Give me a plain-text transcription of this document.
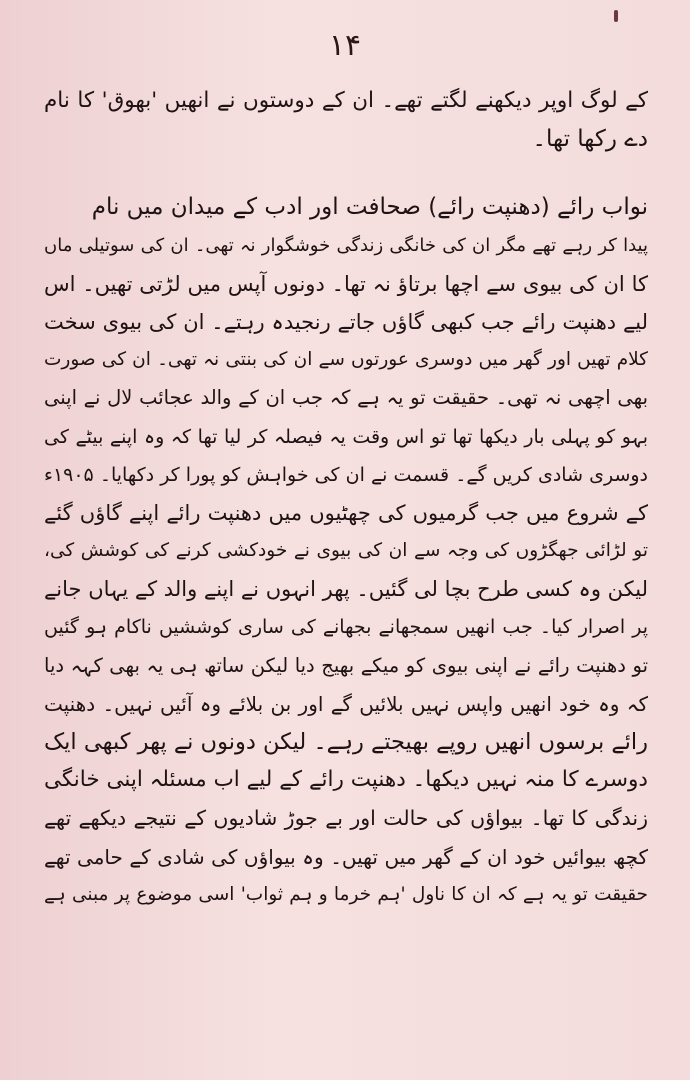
۱۴
کے لوگ اوپر دیکھنے لگتے تھے۔ ان کے دوستوں نے انھیں 'بھوق' کا نام
دے رکھا تھا۔
نواب رائے (دھنپت رائے) صحافت اور ادب کے میدان میں نام
پیدا کر رہے تھے مگر ان کی خانگی زندگی خوشگوار نہ تھی۔ ان کی سوتیلی ماں
کا ان کی بیوی سے اچھا برتاؤ نہ تھا۔ دونوں آپس میں لڑتی تھیں۔ اس
لیے دھنپت رائے جب کبھی گاؤں جاتے رنجیدہ رہتے۔ ان کی بیوی سخت
کلام تھیں اور گھر میں دوسری عورتوں سے ان کی بنتی نہ تھی۔ ان کی صورت
بھی اچھی نہ تھی۔ حقیقت تو یہ ہے کہ جب ان کے والد عجائب لال نے اپنی
بہو کو پہلی بار دیکھا تھا تو اس وقت یہ فیصلہ کر لیا تھا کہ وہ اپنے بیٹے کی
دوسری شادی کریں گے۔ قسمت نے ان کی خواہش کو پورا کر دکھایا۔ ۱۹۰۵ء
کے شروع میں جب گرمیوں کی چھٹیوں میں دھنپت رائے اپنے گاؤں گئے
تو لڑائی جھگڑوں کی وجہ سے ان کی بیوی نے خودکشی کرنے کی کوشش کی،
لیکن وہ کسی طرح بچا لی گئیں۔ پھر انہوں نے اپنے والد کے یہاں جانے
پر اصرار کیا۔ جب انھیں سمجھانے بجھانے کی ساری کوششیں ناکام ہو گئیں
تو دھنپت رائے نے اپنی بیوی کو میکے بھیج دیا لیکن ساتھ ہی یہ بھی کہہ دیا
کہ وہ خود انھیں واپس نہیں بلائیں گے اور بن بلائے وہ آئیں نہیں۔ دھنپت
رائے برسوں انھیں روپے بھیجتے رہے۔ لیکن دونوں نے پھر کبھی ایک
دوسرے کا منہ نہیں دیکھا۔ دھنپت رائے کے لیے اب مسئلہ اپنی خانگی
زندگی کا تھا۔ بیواؤں کی حالت اور بے جوڑ شادیوں کے نتیجے دیکھے تھے
کچھ بیوائیں خود ان کے گھر میں تھیں۔ وہ بیواؤں کی شادی کے حامی تھے
حقیقت تو یہ ہے کہ ان کا ناول 'ہم خرما و ہم ثواب' اسی موضوع پر مبنی ہے
